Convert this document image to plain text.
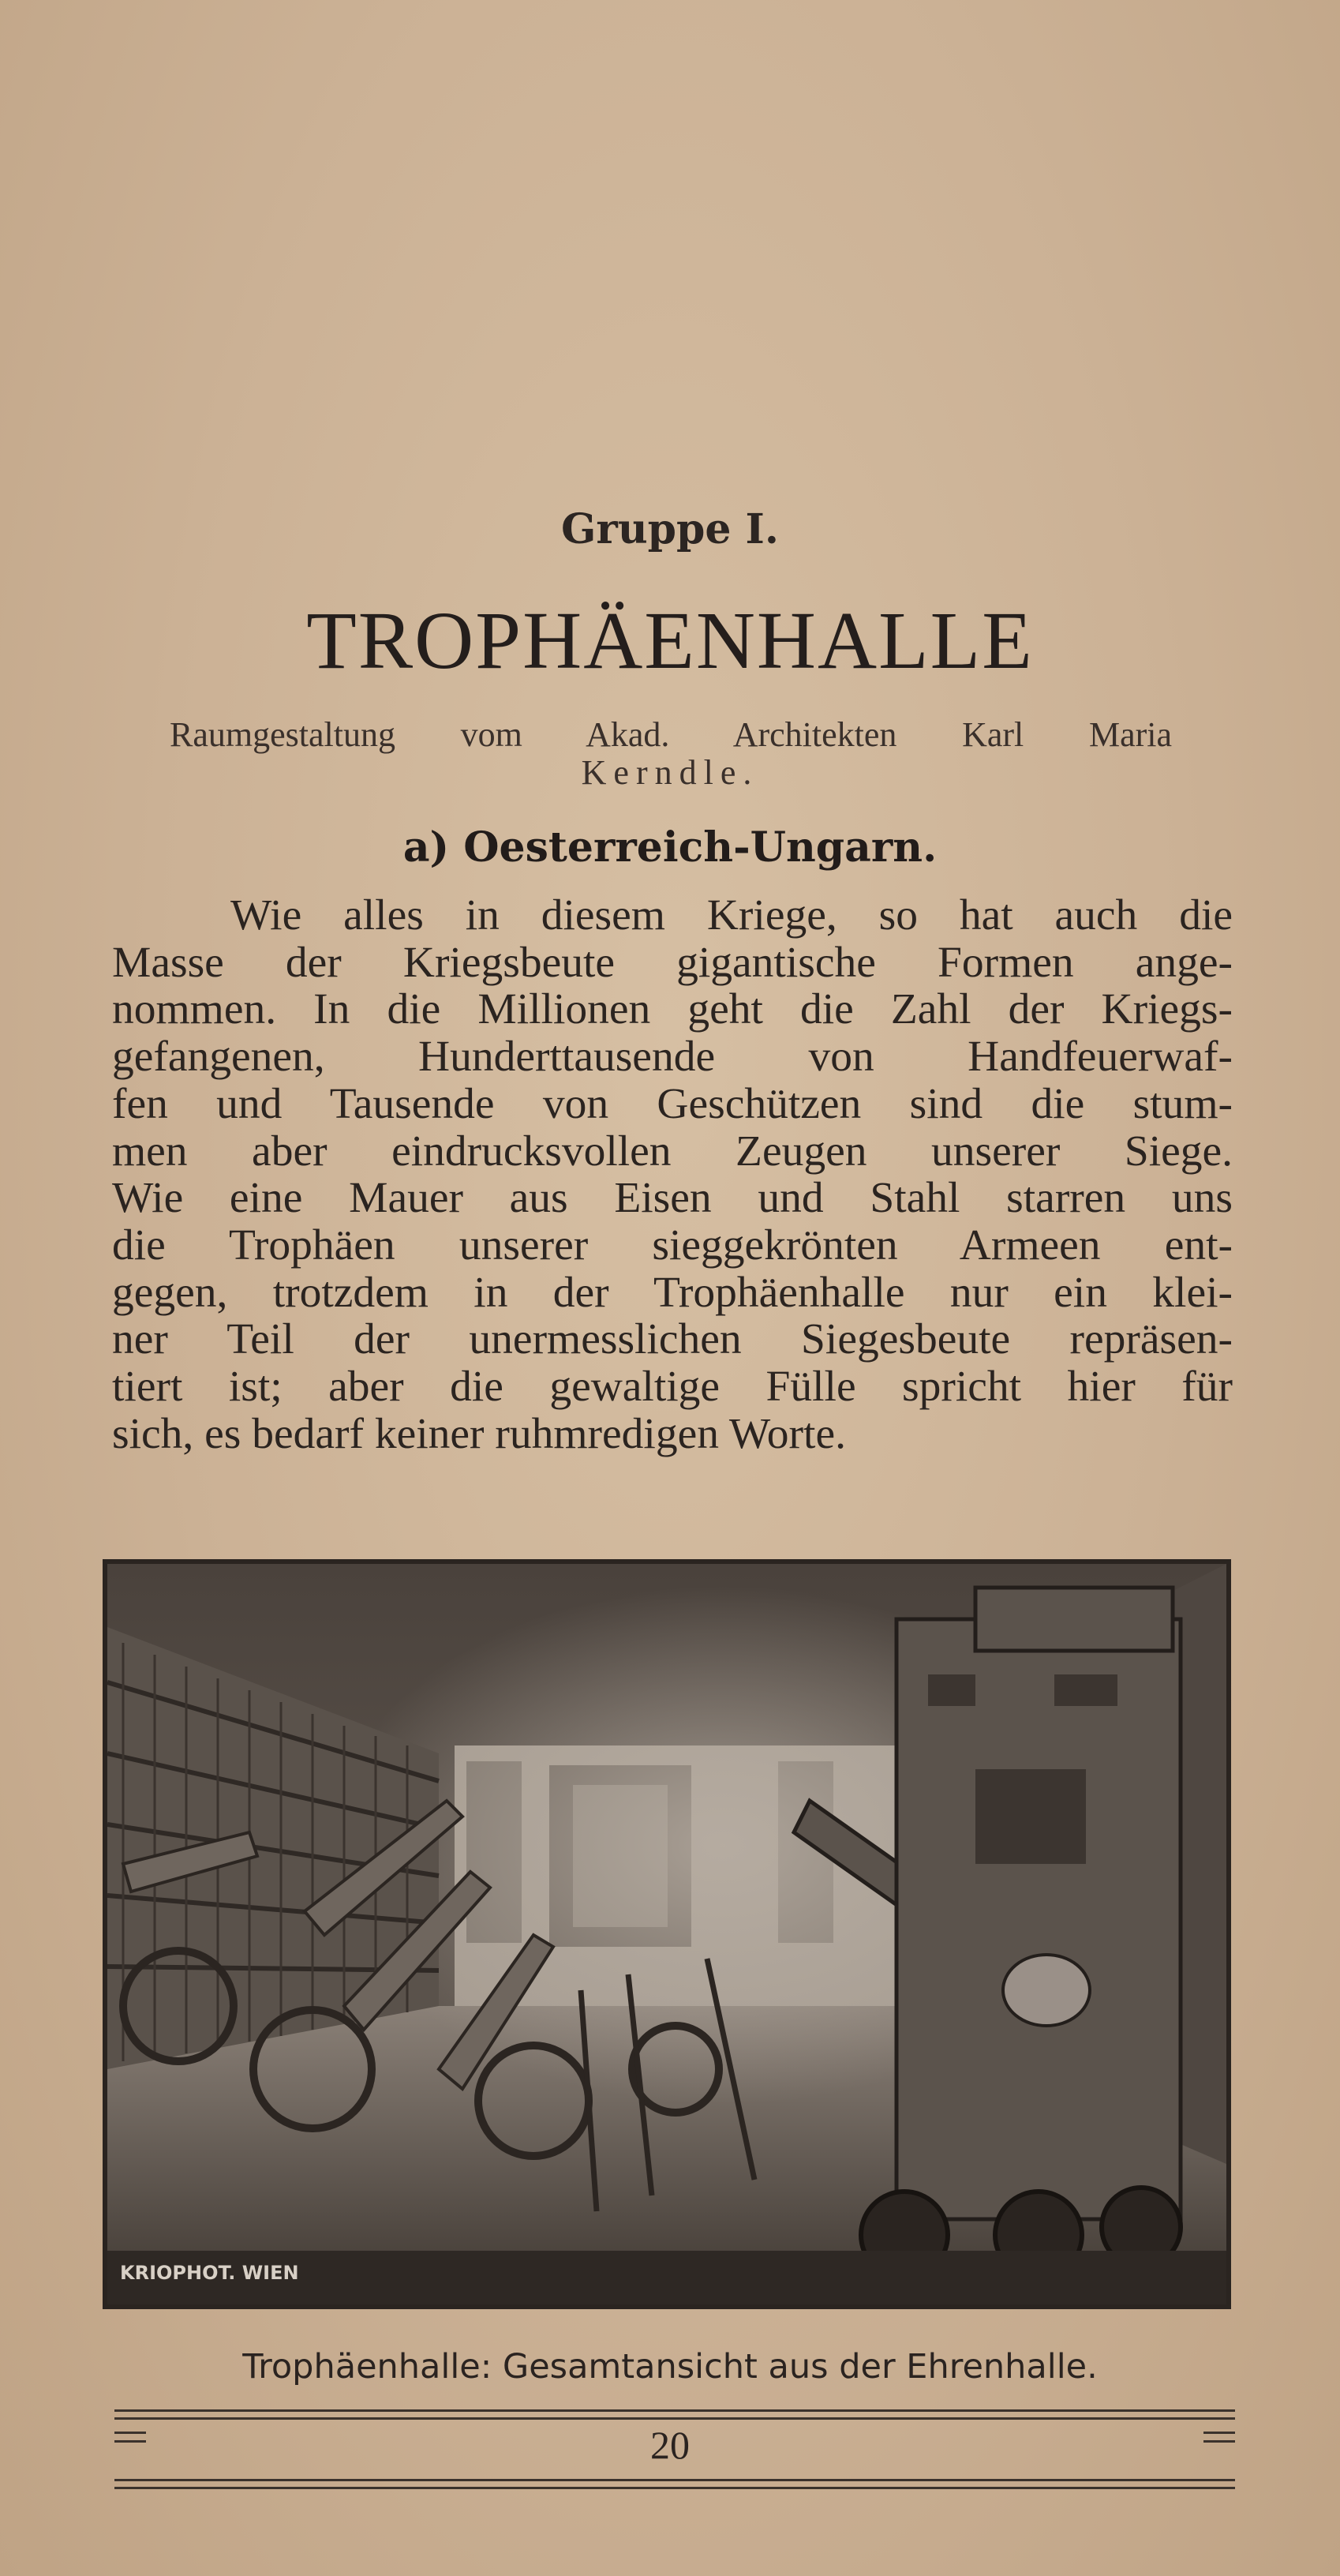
Gruppe I.
TROPHÄENHALLE
Raumgestaltung vom Akad. Architekten Karl Maria
Kerndle.
a) Oesterreich-Ungarn.
Wie alles in diesem Kriege, so hat auch die
Masse der Kriegsbeute gigantische Formen ange-
nommen. In die Millionen geht die Zahl der Kriegs-
gefangenen, Hunderttausende von Handfeuerwaf-
fen und Tausende von Geschützen sind die stum-
men aber eindrucksvollen Zeugen unserer Siege.
Wie eine Mauer aus Eisen und Stahl starren uns
die Trophäen unserer sieggekrönten Armeen ent-
gegen, trotzdem in der Trophäenhalle nur ein klei-
ner Teil der unermesslichen Siegesbeute repräsen-
tiert ist; aber die gewaltige Fülle spricht hier für
sich, es bedarf keiner ruhmredigen Worte.
KRIOPHOT. WIEN
Trophäenhalle: Gesamtansicht aus der Ehrenhalle.
20
